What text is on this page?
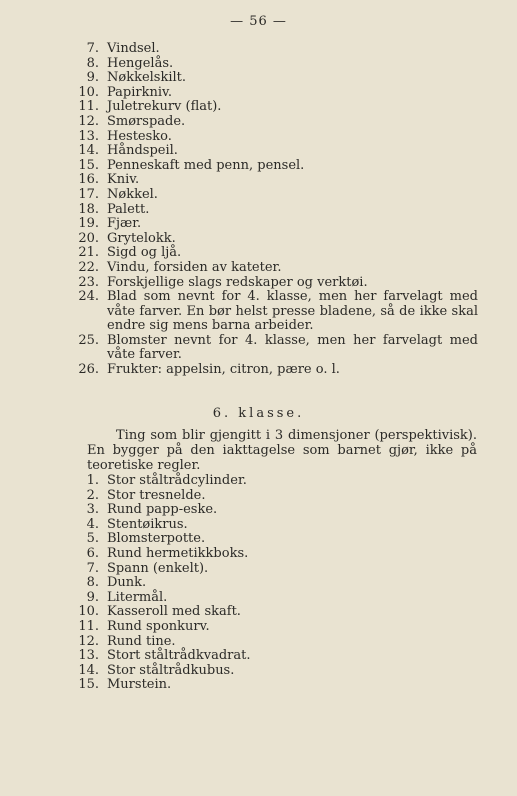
— 56 —
7. Vindsel.
8. Hengelås.
9. Nøkkelskilt.
10. Papirkniv.
11. Juletrekurv (flat).
12. Smørspade.
13. Hestesko.
14. Håndspeil.
15. Penneskaft med penn, pensel.
16. Kniv.
17. Nøkkel.
18. Palett.
19. Fjær.
20. Grytelokk.
21. Sigd og ljå.
22. Vindu, forsiden av kateter.
23. Forskjellige slags redskaper og verktøi.
24. Blad som nevnt for 4. klasse, men her farvelagt med våte farver. En bør helst presse bladene, så de ikke skal endre sig mens barna arbeider.
25. Blomster nevnt for 4. klasse, men her farvelagt med våte farver.
26. Frukter: appelsin, citron, pære o. l.
6. klasse.
Ting som blir gjengitt i 3 dimensjoner (perspektivisk). En bygger på den iakttagelse som barnet gjør, ikke på teoretiske regler.
1. Stor ståltrådcylinder.
2. Stor tresnelde.
3. Rund papp-eske.
4. Stentøikrus.
5. Blomsterpotte.
6. Rund hermetikkboks.
7. Spann (enkelt).
8. Dunk.
9. Litermål.
10. Kasseroll med skaft.
11. Rund sponkurv.
12. Rund tine.
13. Stort ståltrådkvadrat.
14. Stor ståltrådkubus.
15. Murstein.
